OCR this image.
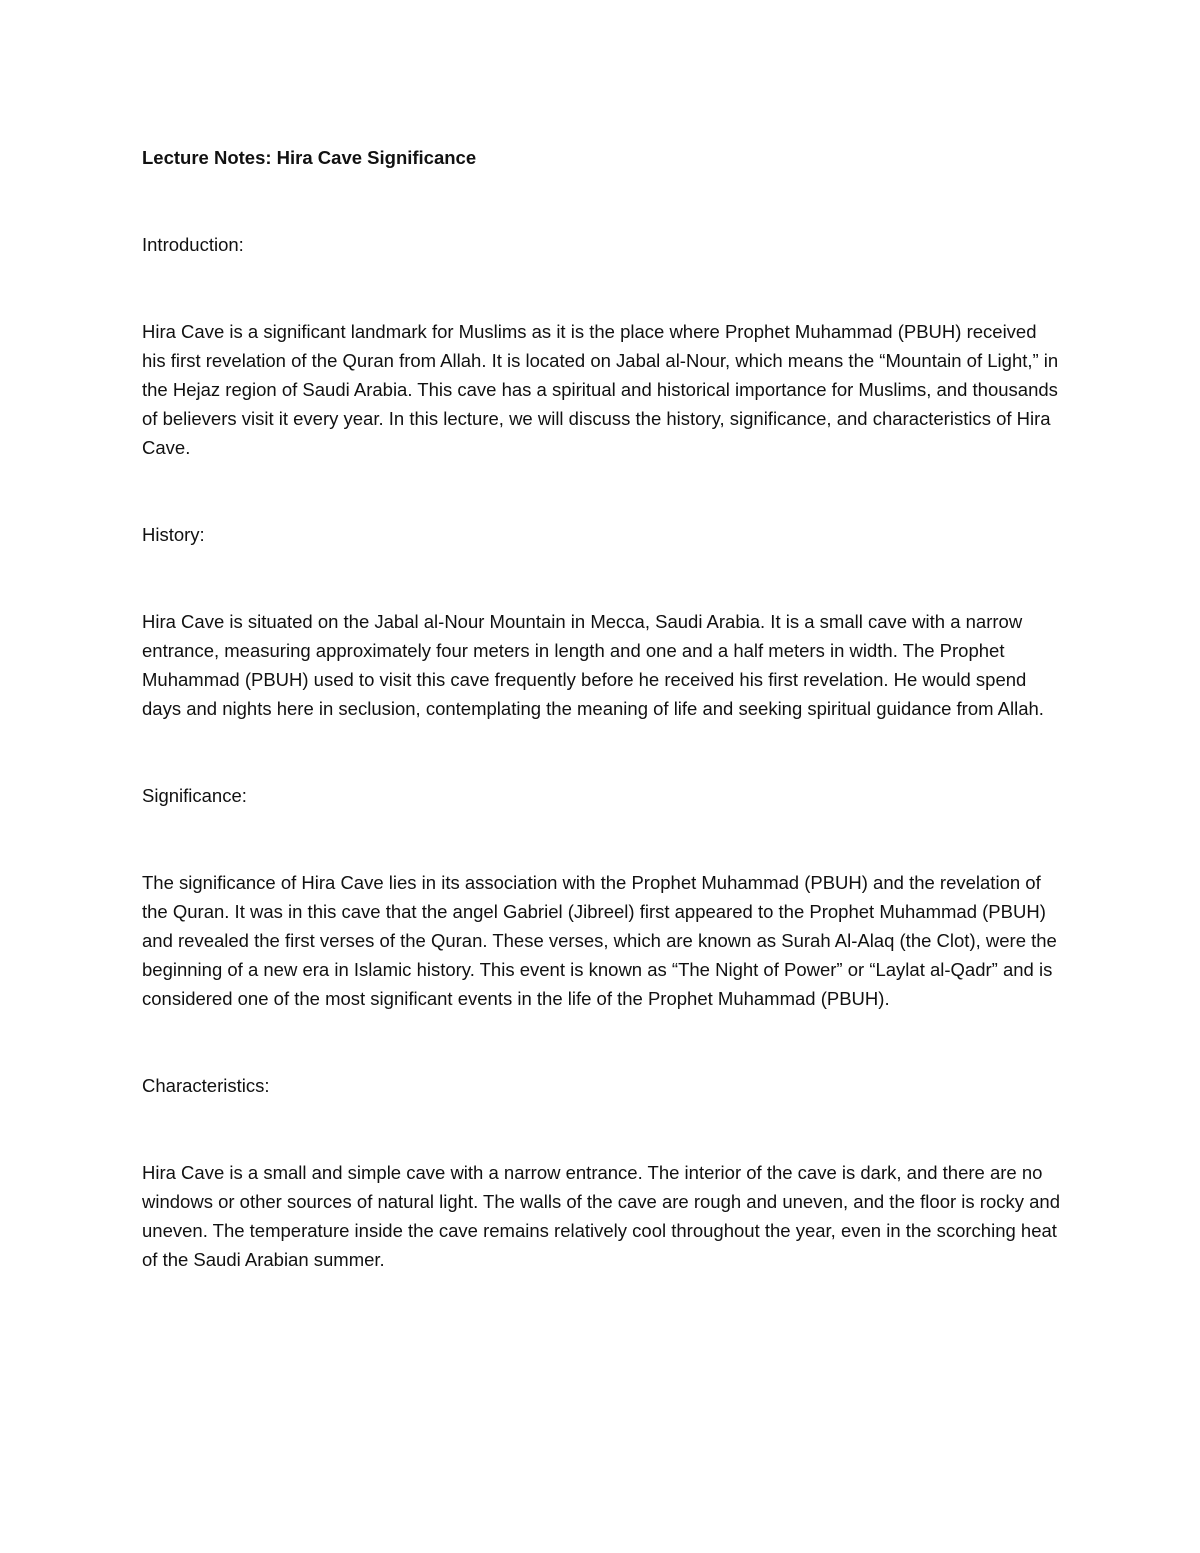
Lecture Notes: Hira Cave Significance
Introduction:

Hira Cave is a significant landmark for Muslims as it is the place where Prophet Muhammad (PBUH) received his first revelation of the Quran from Allah. It is located on Jabal al-Nour, which means the “Mountain of Light,” in the Hejaz region of Saudi Arabia. This cave has a spiritual and historical importance for Muslims, and thousands of believers visit it every year. In this lecture, we will discuss the history, significance, and characteristics of Hira Cave.

History:

Hira Cave is situated on the Jabal al-Nour Mountain in Mecca, Saudi Arabia. It is a small cave with a narrow entrance, measuring approximately four meters in length and one and a half meters in width. The Prophet Muhammad (PBUH) used to visit this cave frequently before he received his first revelation. He would spend days and nights here in seclusion, contemplating the meaning of life and seeking spiritual guidance from Allah.

Significance:

The significance of Hira Cave lies in its association with the Prophet Muhammad (PBUH) and the revelation of the Quran. It was in this cave that the angel Gabriel (Jibreel) first appeared to the Prophet Muhammad (PBUH) and revealed the first verses of the Quran. These verses, which are known as Surah Al-Alaq (the Clot), were the beginning of a new era in Islamic history. This event is known as “The Night of Power” or “Laylat al-Qadr” and is considered one of the most significant events in the life of the Prophet Muhammad (PBUH).

Characteristics:

Hira Cave is a small and simple cave with a narrow entrance. The interior of the cave is dark, and there are no windows or other sources of natural light. The walls of the cave are rough and uneven, and the floor is rocky and uneven. The temperature inside the cave remains relatively cool throughout the year, even in the scorching heat of the Saudi Arabian summer.
